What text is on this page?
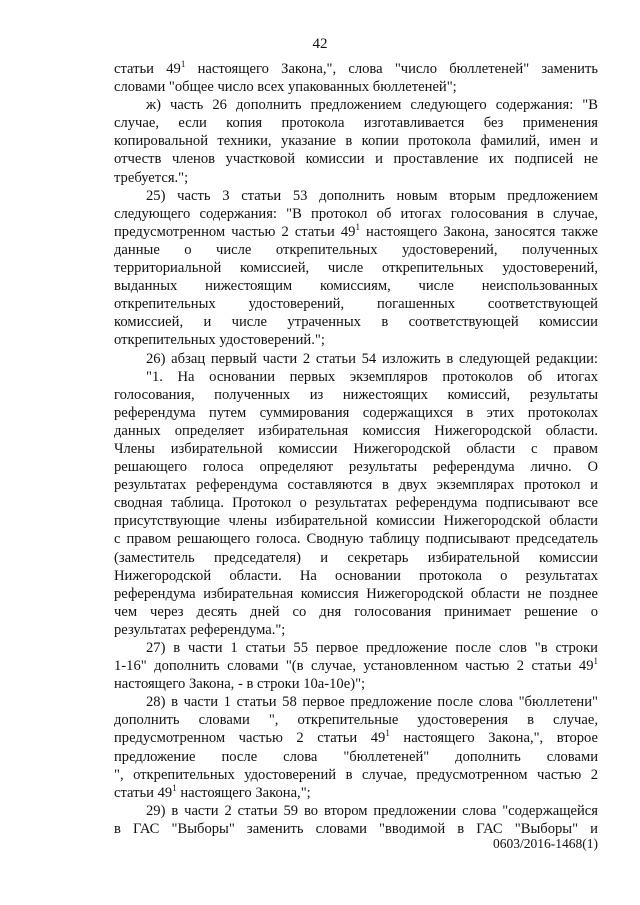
42
статьи $49^1$ настоящего Закона,", слова "число бюллетеней" заменить
словами "общее число всех упакованных бюллетеней";
ж) часть 26 дополнить предложением следующего содержания: "В
случае, если копия протокола изготавливается без применения
копировальной техники, указание в копии протокола фамилий, имен и
отчеств членов участковой комиссии и проставление их подписей не
требуется.";
25) часть 3 статьи 53 дополнить новым вторым предложением
следующего содержания: "В протокол об итогах голосования в случае,
предусмотренном частью 2 статьи $49^1$ настоящего Закона, заносятся также
данные о числе открепительных удостоверений, полученных
территориальной комиссией, числе открепительных удостоверений,
выданных нижестоящим комиссиям, числе неиспользованных
открепительных удостоверений, погашенных соответствующей
комиссией, и числе утраченных в соответствующей комиссии
открепительных удостоверений.";
26) абзац первый части 2 статьи 54 изложить в следующей редакции:
"1. На основании первых экземпляров протоколов об итогах
голосования, полученных из нижестоящих комиссий, результаты
референдума путем суммирования содержащихся в этих протоколах
данных определяет избирательная комиссия Нижегородской области.
Члены избирательной комиссии Нижегородской области с правом
решающего голоса определяют результаты референдума лично. О
результатах референдума составляются в двух экземплярах протокол и
сводная таблица. Протокол о результатах референдума подписывают все
присутствующие члены избирательной комиссии Нижегородской области
с правом решающего голоса. Сводную таблицу подписывают председатель
(заместитель председателя) и секретарь избирательной комиссии
Нижегородской области. На основании протокола о результатах
референдума избирательная комиссия Нижегородской области не позднее
чем через десять дней со дня голосования принимает решение о
результатах референдума.";
27) в части 1 статьи 55 первое предложение после слов "в строки
1-16" дополнить словами "(в случае, установленном частью 2 статьи $49^1$
настоящего Закона, - в строки 10а-10е)";
28) в части 1 статьи 58 первое предложение после слова "бюллетени"
дополнить словами ", открепительные удостоверения в случае,
предусмотренном частью 2 статьи $49^1$ настоящего Закона,", второе
предложение после слова "бюллетеней" дополнить словами
", открепительных удостоверений в случае, предусмотренном частью 2
статьи $49^1$ настоящего Закона,";
29) в части 2 статьи 59 во втором предложении слова "содержащейся
в ГАС "Выборы" заменить словами "вводимой в ГАС "Выборы" и
0603/2016-1468(1)
